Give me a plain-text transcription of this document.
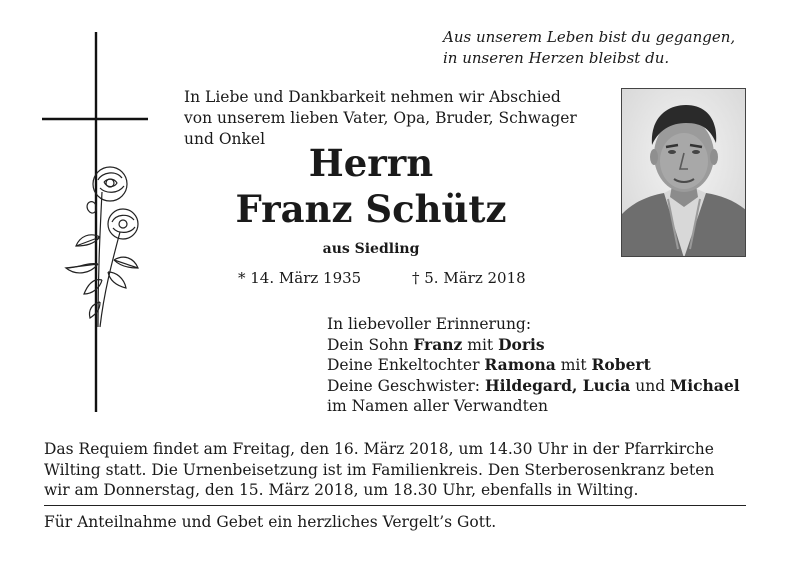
Aus unserem Leben bist du gegangen,
in unseren Herzen bleibst du.
In Liebe und Dankbarkeit nehmen wir Abschied
von unserem lieben Vater, Opa, Bruder, Schwager
und Onkel
Herrn
Franz Schütz
aus Siedling
* 14. März 1935	† 5. März 2018
In liebevoller Erinnerung:
Dein Sohn Franz mit Doris
Deine Enkeltochter Ramona mit Robert
Deine Geschwister: Hildegard, Lucia und Michael
im Namen aller Verwandten
Das Requiem findet am Freitag, den 16. März 2018, um 14.30 Uhr in der Pfarrkirche
Wilting statt. Die Urnenbeisetzung ist im Familienkreis. Den Sterberosenkranz beten
wir am Donnerstag, den 15. März 2018, um 18.30 Uhr, ebenfalls in Wilting.
Für Anteilnahme und Gebet ein herzliches Vergelt’s Gott.
